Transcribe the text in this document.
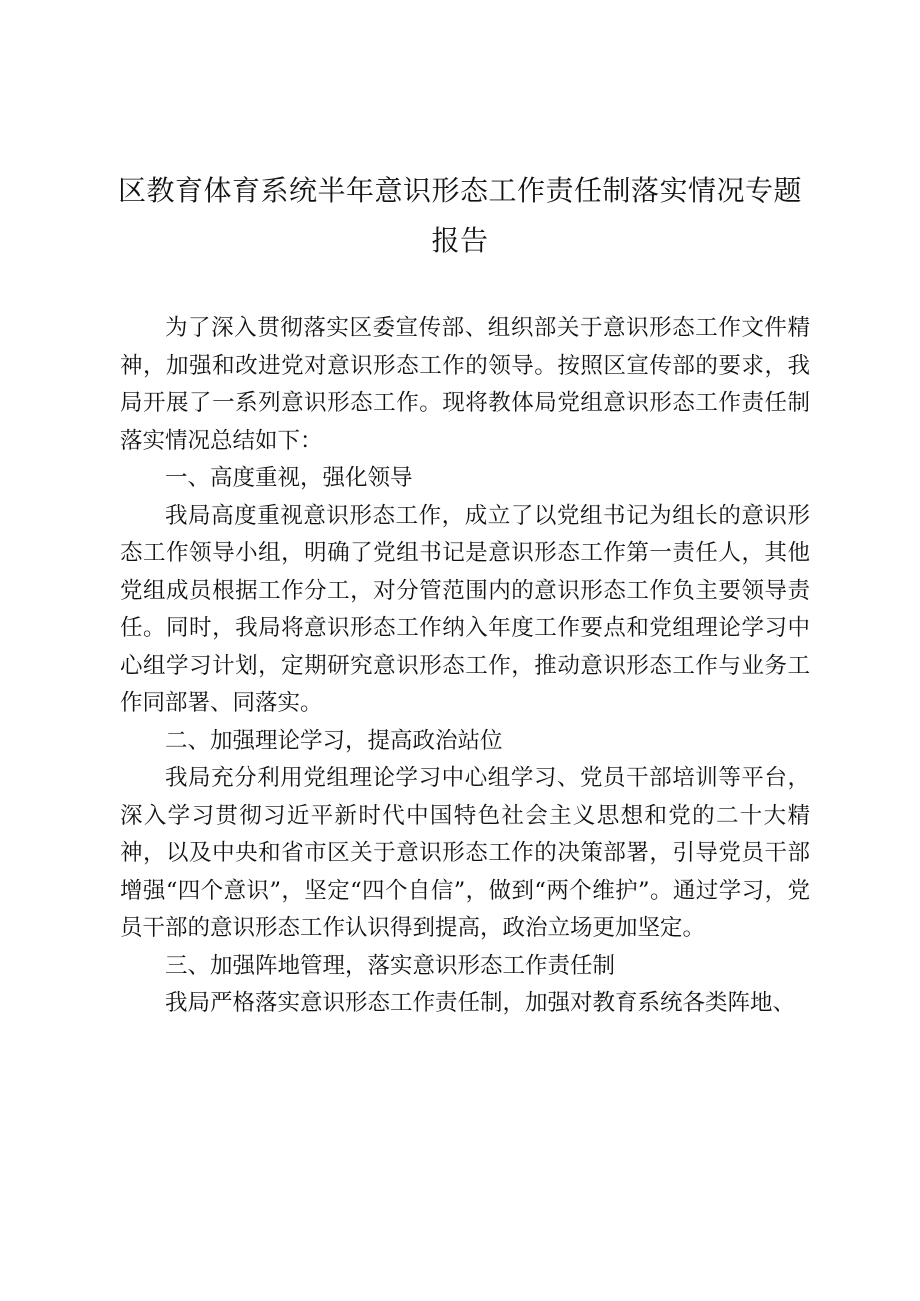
区教育体育系统半年意识形态工作责任制落实情况专题
报告

为了深入贯彻落实区委宣传部、组织部关于意识形态工作文件精神，加强和改进党对意识形态工作的领导。按照区宣传部的要求，我局开展了一系列意识形态工作。现将教体局党组意识形态工作责任制落实情况总结如下：

一、高度重视，强化领导

我局高度重视意识形态工作，成立了以党组书记为组长的意识形态工作领导小组，明确了党组书记是意识形态工作第一责任人，其他党组成员根据工作分工，对分管范围内的意识形态工作负主要领导责任。同时，我局将意识形态工作纳入年度工作要点和党组理论学习中心组学习计划，定期研究意识形态工作，推动意识形态工作与业务工作同部署、同落实。

二、加强理论学习，提高政治站位

我局充分利用党组理论学习中心组学习、党员干部培训等平台，深入学习贯彻习近平新时代中国特色社会主义思想和党的二十大精神，以及中央和省市区关于意识形态工作的决策部署，引导党员干部增强“四个意识”，坚定“四个自信”，做到“两个维护”。通过学习，党员干部的意识形态工作认识得到提高，政治立场更加坚定。

三、加强阵地管理，落实意识形态工作责任制

我局严格落实意识形态工作责任制，加强对教育系统各类阵地、
